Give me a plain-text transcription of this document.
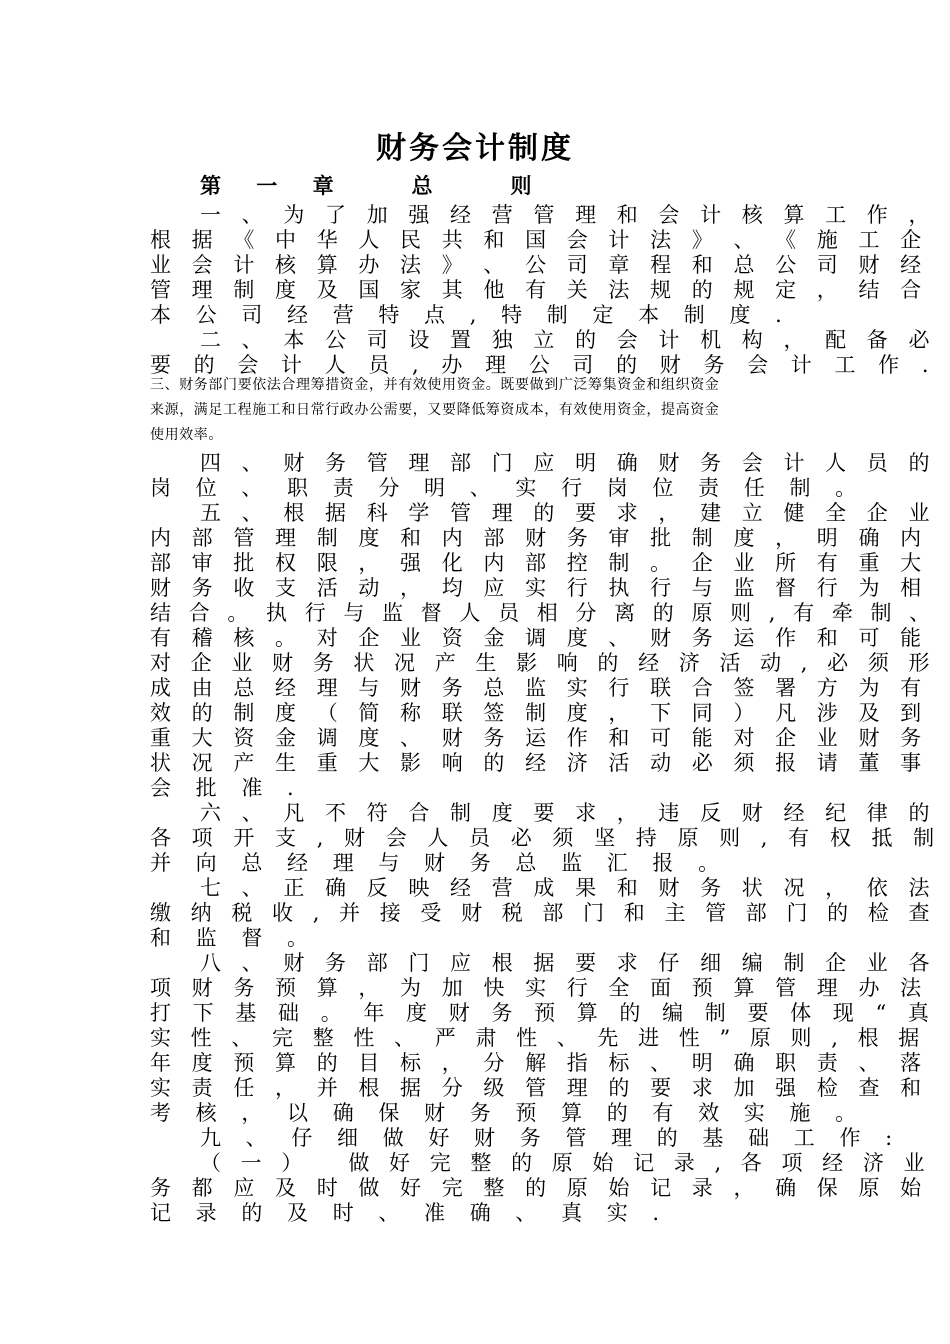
财务会计制度
第 一 章   总   则
一 、 为 了 加 强 经 营 管 理 和 会 计 核 算 工 作 ，
根 据 《 中 华 人 民 共 和 国 会 计 法 》 、 《 施 工 企
业 会 计 核 算 办 法 》 、 公 司 章 程 和 总 公 司 财 经
管 理 制 度 及 国 家 其 他 有 关 法 规 的 规 定 ， 结 合
本 公 司 经 营 特 点 , 特 制 定 本 制 度 .
二 、 本 公 司 设 置 独 立 的 会 计 机 构 ， 配 备 必
要 的 会 计 人 员 , 办 理 公 司 的 财 务 会 计 工 作 .
三、财务部门要依法合理筹措资金，并有效使用资金。既要做到广泛筹集资金和组织资金
来源，满足工程施工和日常行政办公需要，又要降低筹资成本，有效使用资金，提高资金
使用效率。
四 、 财 务 管 理 部 门 应 明 确 财 务 会 计 人 员 的
岗 位 、 职 责 分 明 、 实 行 岗 位 责 任 制 。
五 、 根 据 科 学 管 理 的 要 求 ， 建 立 健 全 企 业
内 部 管 理 制 度 和 内 部 财 务 审 批 制 度 ， 明 确 内
部 审 批 权 限 ， 强 化 内 部 控 制 。 企 业 所 有 重 大
财 务 收 支 活 动 ， 均 应 实 行 执 行 与 监 督 行 为 相
结 合 。 执 行 与 监 督 人 员 相 分 离 的 原 则 , 有 牵 制 、
有 稽 核 。 对 企 业 资 金 调 度 、 财 务 运 作 和 可 能
对 企 业 财 务 状 况 产 生 影 响 的 经 济 活 动 , 必 须 形
成 由 总 经 理 与 财 务 总 监 实 行 联 合 签 署 方 为 有
效 的 制 度 （ 简 称 联 签 制 度 ， 下 同 ） 凡 涉 及 到
重 大 资 金 调 度 、 财 务 运 作 和 可 能 对 企 业 财 务
状 况 产 生 重 大 影 响 的 经 济 活 动 必 须 报 请 董 事
会 批 准 .
六 、 凡 不 符 合 制 度 要 求 ， 违 反 财 经 纪 律 的
各 项 开 支 , 财 会 人 员 必 须 坚 持 原 则 , 有 权 抵 制
并 向 总 经 理 与 财 务 总 监 汇 报 。
七 、 正 确 反 映 经 营 成 果 和 财 务 状 况 ， 依 法
缴 纳 税 收 , 并 接 受 财 税 部 门 和 主 管 部 门 的 检 查
和 监 督 。
八 、 财 务 部 门 应 根 据 要 求 仔 细 编 制 企 业 各
项 财 务 预 算 ， 为 加 快 实 行 全 面 预 算 管 理 办 法
打 下 基 础 。 年 度 财 务 预 算 的 编 制 要 体 现 “ 真
实 性 、 完 整 性 、 严 肃 性 、 先 进 性 ” 原 则 , 根 据
年 度 预 算 的 目 标 ， 分 解 指 标 、 明 确 职 责 、 落
实 责 任 ， 并 根 据 分 级 管 理 的 要 求 加 强 检 查 和
考 核 ， 以 确 保 财 务 预 算 的 有 效 实 施 。
九 、 仔 细 做 好 财 务 管 理 的 基 础 工 作 :
（ 一 ）   做 好 完 整 的 原 始 记 录 , 各 项 经 济 业
务 都 应 及 时 做 好 完 整 的 原 始 记 录 ， 确 保 原 始
记 录 的 及 时 、 准 确 、 真 实 .
